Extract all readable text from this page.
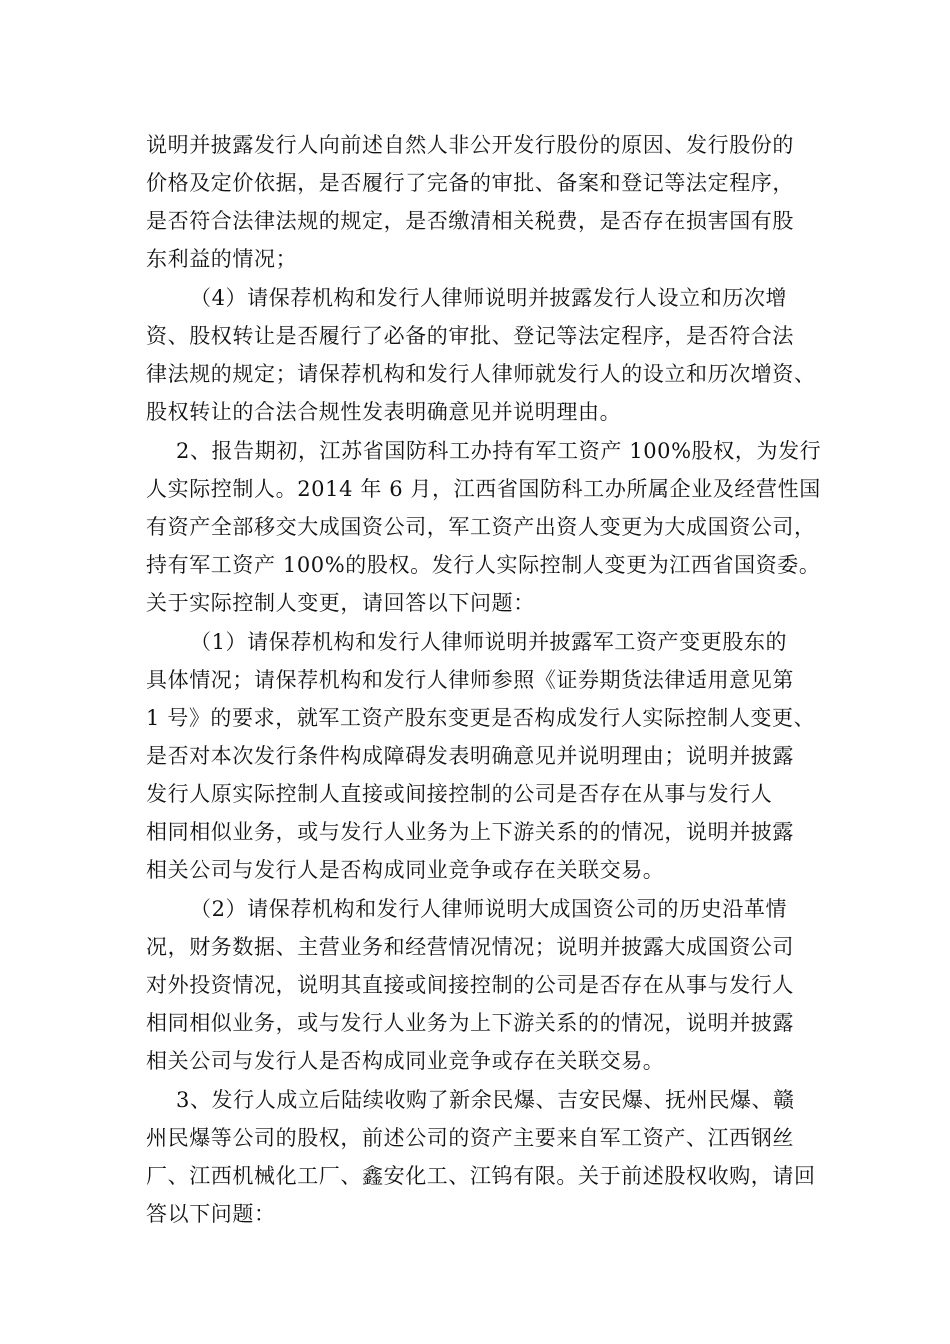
说明并披露发行人向前述自然人非公开发行股份的原因、发行股份的
价格及定价依据，是否履行了完备的审批、备案和登记等法定程序，
是否符合法律法规的规定，是否缴清相关税费，是否存在损害国有股
东利益的情况；
（4）请保荐机构和发行人律师说明并披露发行人设立和历次增
资、股权转让是否履行了必备的审批、登记等法定程序，是否符合法
律法规的规定；请保荐机构和发行人律师就发行人的设立和历次增资、
股权转让的合法合规性发表明确意见并说明理由。
2、报告期初，江苏省国防科工办持有军工资产 100%股权，为发行
人实际控制人。2014 年 6 月，江西省国防科工办所属企业及经营性国
有资产全部移交大成国资公司，军工资产出资人变更为大成国资公司，
持有军工资产 100%的股权。发行人实际控制人变更为江西省国资委。
关于实际控制人变更，请回答以下问题：
（1）请保荐机构和发行人律师说明并披露军工资产变更股东的
具体情况；请保荐机构和发行人律师参照《证券期货法律适用意见第
1 号》的要求，就军工资产股东变更是否构成发行人实际控制人变更、
是否对本次发行条件构成障碍发表明确意见并说明理由；说明并披露
发行人原实际控制人直接或间接控制的公司是否存在从事与发行人
相同相似业务，或与发行人业务为上下游关系的的情况，说明并披露
相关公司与发行人是否构成同业竞争或存在关联交易。
（2）请保荐机构和发行人律师说明大成国资公司的历史沿革情
况，财务数据、主营业务和经营情况情况；说明并披露大成国资公司
对外投资情况，说明其直接或间接控制的公司是否存在从事与发行人
相同相似业务，或与发行人业务为上下游关系的的情况，说明并披露
相关公司与发行人是否构成同业竞争或存在关联交易。
3、发行人成立后陆续收购了新余民爆、吉安民爆、抚州民爆、赣
州民爆等公司的股权，前述公司的资产主要来自军工资产、江西钢丝
厂、江西机械化工厂、鑫安化工、江钨有限。关于前述股权收购，请回
答以下问题：
